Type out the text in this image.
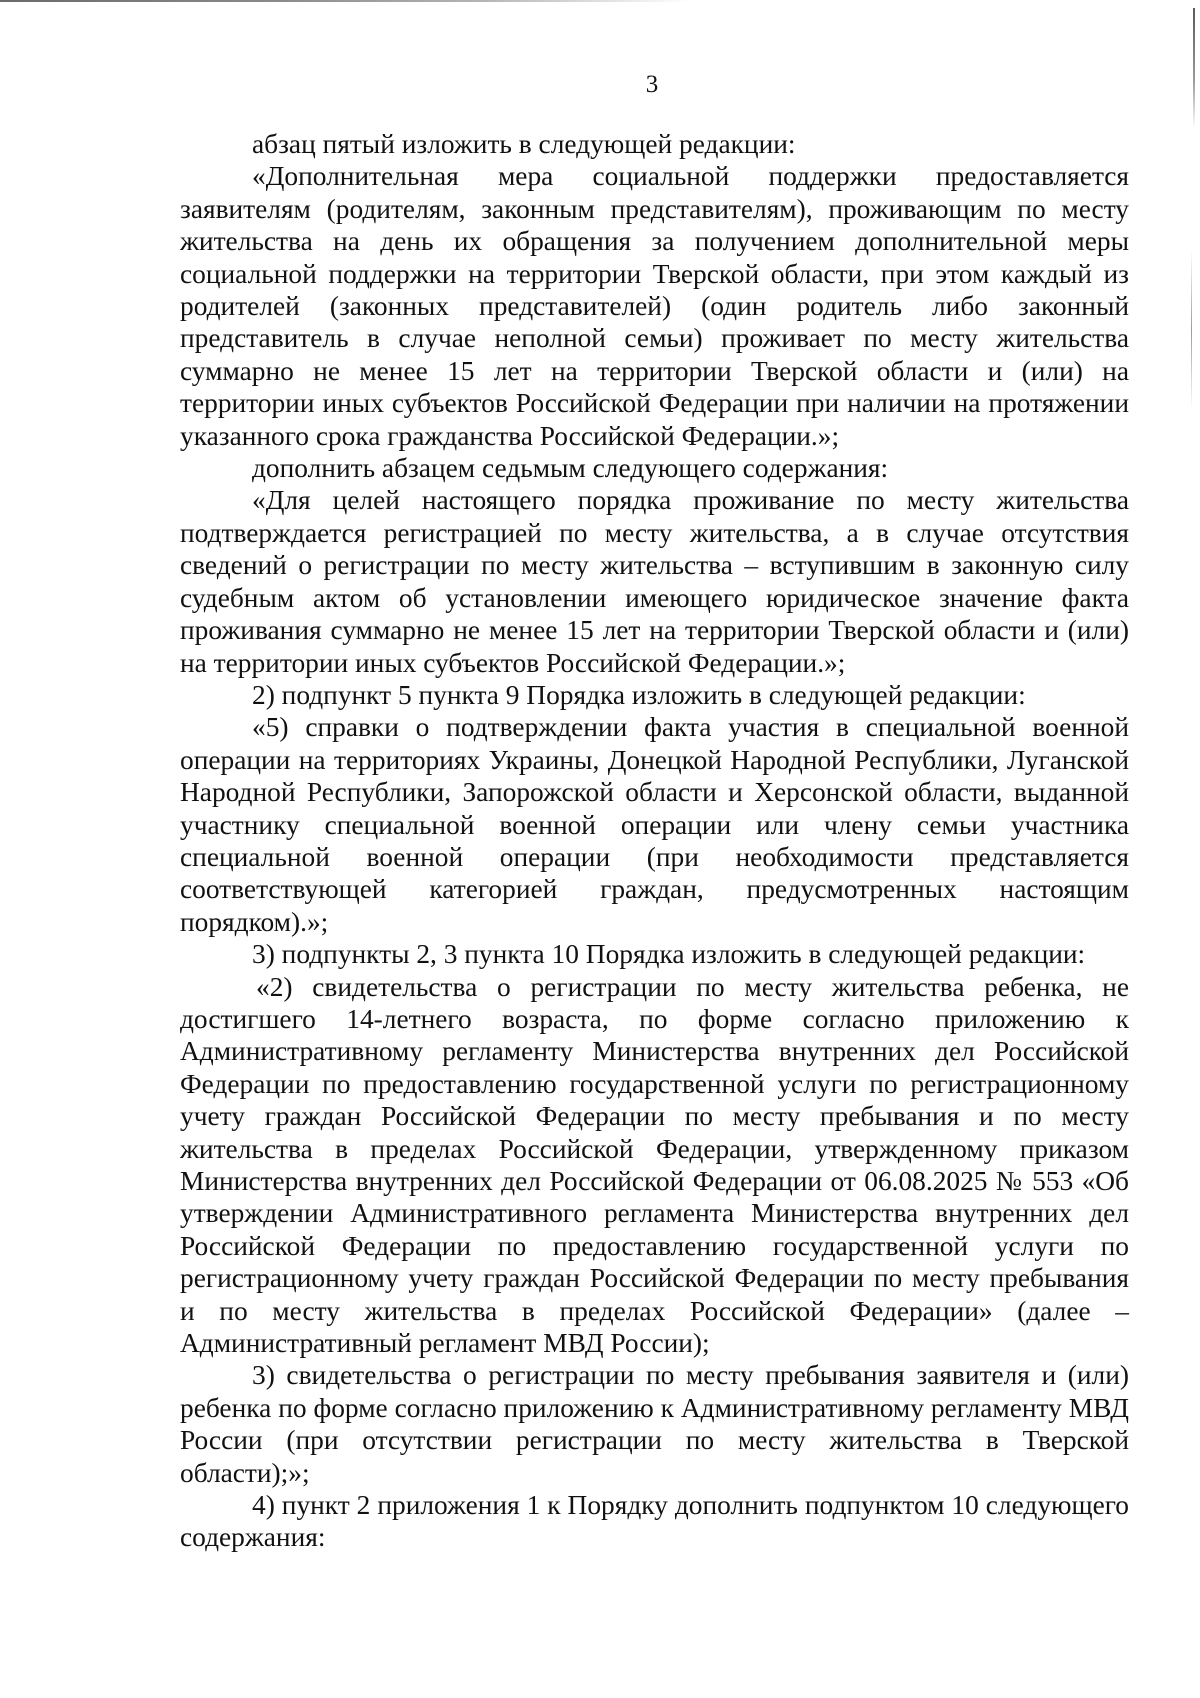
3

абзац пятый изложить в следующей редакции:

«Дополнительная мера социальной поддержки предоставляется заявителям (родителям, законным представителям), проживающим по месту жительства на день их обращения за получением дополнительной меры социальной поддержки на территории Тверской области, при этом каждый из родителей (законных представителей) (один родитель либо законный представитель в случае неполной семьи) проживает по месту жительства суммарно не менее 15 лет на территории Тверской области и (или) на территории иных субъектов Российской Федерации при наличии на протяжении указанного срока гражданства Российской Федерации.»;

дополнить абзацем седьмым следующего содержания:

«Для целей настоящего порядка проживание по месту жительства подтверждается регистрацией по месту жительства, а в случае отсутствия сведений о регистрации по месту жительства – вступившим в законную силу судебным актом об установлении имеющего юридическое значение факта проживания суммарно не менее 15 лет на территории Тверской области и (или) на территории иных субъектов Российской Федерации.»;

2) подпункт 5 пункта 9 Порядка изложить в следующей редакции:

«5) справки о подтверждении факта участия в специальной военной операции на территориях Украины, Донецкой Народной Республики, Луганской Народной Республики, Запорожской области и Херсонской области, выданной участнику специальной военной операции или члену семьи участника специальной военной операции (при необходимости представляется соответствующей категорией граждан, предусмотренных настоящим порядком).»;

3) подпункты 2, 3 пункта 10 Порядка изложить в следующей редакции:

«2) свидетельства о регистрации по месту жительства ребенка, не достигшего 14-летнего возраста, по форме согласно приложению к Административному регламенту Министерства внутренних дел Российской Федерации по предоставлению государственной услуги по регистрационному учету граждан Российской Федерации по месту пребывания и по месту жительства в пределах Российской Федерации, утвержденному приказом Министерства внутренних дел Российской Федерации от 06.08.2025 № 553 «Об утверждении Административного регламента Министерства внутренних дел Российской Федерации по предоставлению государственной услуги по регистрационному учету граждан Российской Федерации по месту пребывания и по месту жительства в пределах Российской Федерации» (далее – Административный регламент МВД России);

3) свидетельства о регистрации по месту пребывания заявителя и (или) ребенка по форме согласно приложению к Административному регламенту МВД России (при отсутствии регистрации по месту жительства в Тверской области);»;

4) пункт 2 приложения 1 к Порядку дополнить подпунктом 10 следующего содержания:
